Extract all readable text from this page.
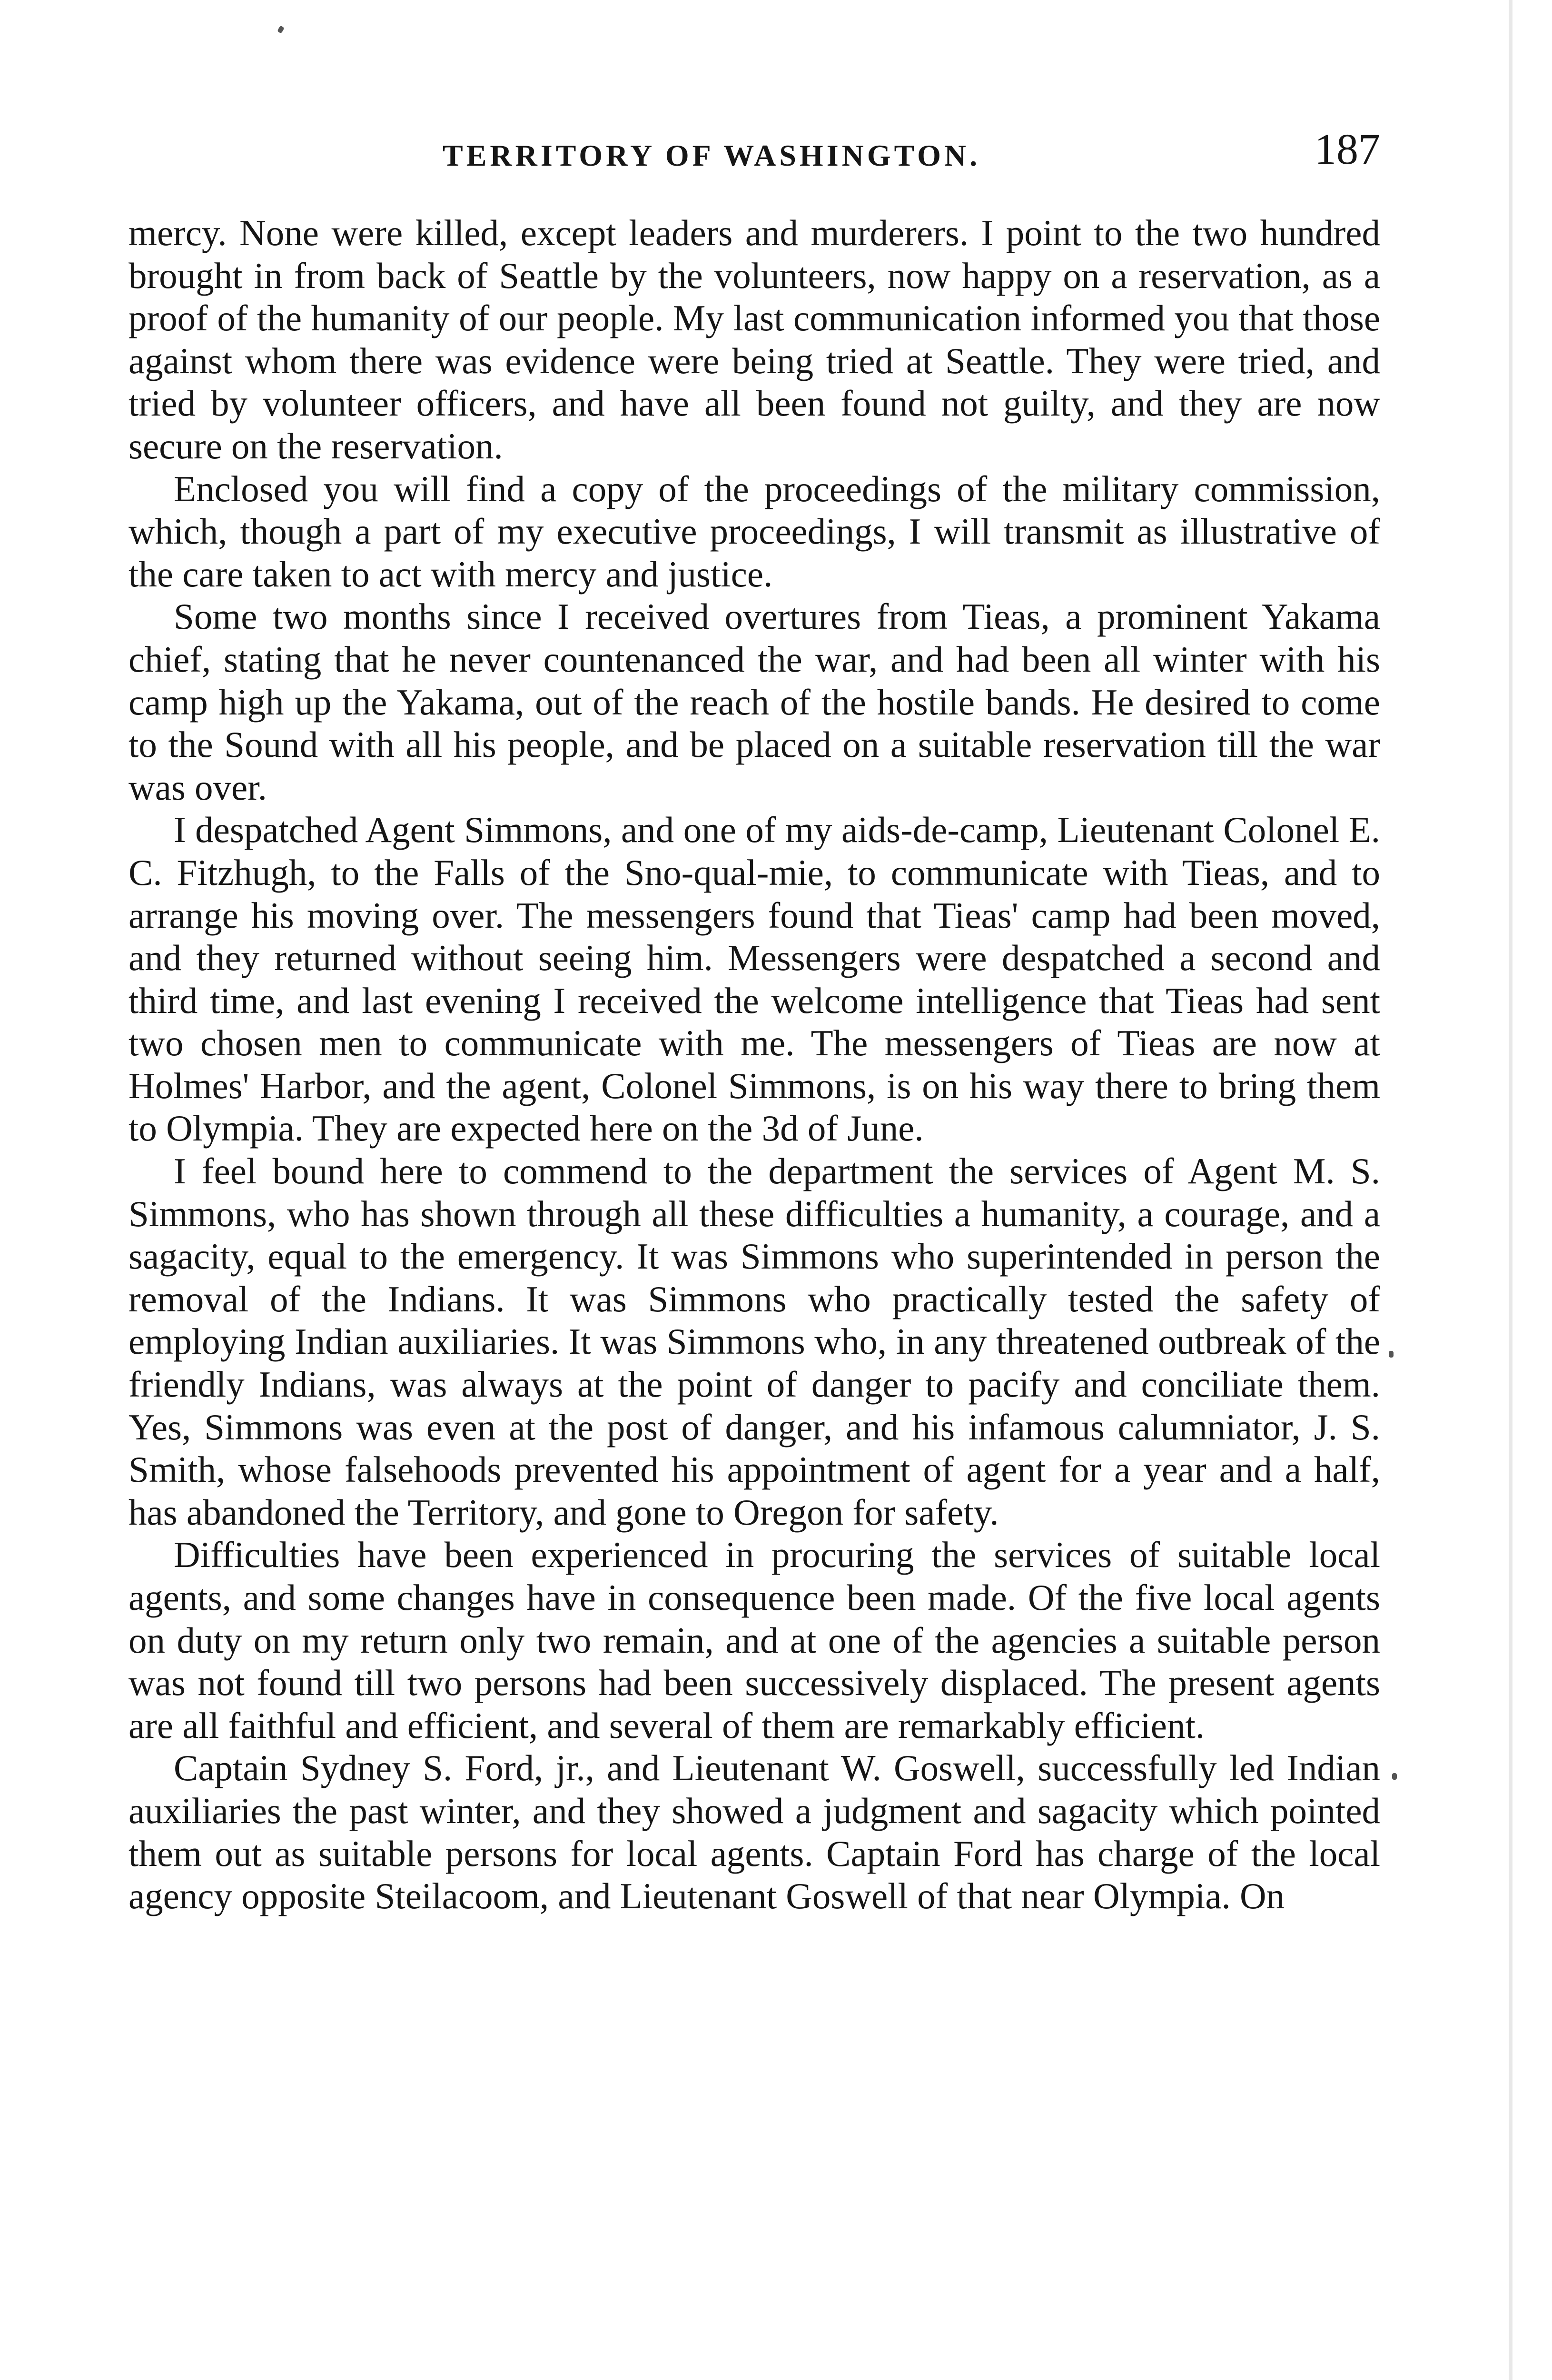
TERRITORY OF WASHINGTON.	187

mercy. None were killed, except leaders and murderers. I point to the two hundred brought in from back of Seattle by the volunteers, now happy on a reservation, as a proof of the humanity of our people. My last communication informed you that those against whom there was evidence were being tried at Seattle. They were tried, and tried by volunteer officers, and have all been found not guilty, and they are now secure on the reservation.

Enclosed you will find a copy of the proceedings of the military commission, which, though a part of my executive proceedings, I will transmit as illustrative of the care taken to act with mercy and justice.

Some two months since I received overtures from Tieas, a prominent Yakama chief, stating that he never countenanced the war, and had been all winter with his camp high up the Yakama, out of the reach of the hostile bands. He desired to come to the Sound with all his people, and be placed on a suitable reservation till the war was over.

I despatched Agent Simmons, and one of my aids-de-camp, Lieutenant Colonel E. C. Fitzhugh, to the Falls of the Sno-qual-mie, to communicate with Tieas, and to arrange his moving over. The messengers found that Tieas' camp had been moved, and they returned without seeing him. Messengers were despatched a second and third time, and last evening I received the welcome intelligence that Tieas had sent two chosen men to communicate with me. The messengers of Tieas are now at Holmes' Harbor, and the agent, Colonel Simmons, is on his way there to bring them to Olympia. They are expected here on the 3d of June.

I feel bound here to commend to the department the services of Agent M. S. Simmons, who has shown through all these difficulties a humanity, a courage, and a sagacity, equal to the emergency. It was Simmons who superintended in person the removal of the Indians. It was Simmons who practically tested the safety of employing Indian auxiliaries. It was Simmons who, in any threatened outbreak of the friendly Indians, was always at the point of danger to pacify and conciliate them. Yes, Simmons was even at the post of danger, and his infamous calumniator, J. S. Smith, whose falsehoods prevented his appointment of agent for a year and a half, has abandoned the Territory, and gone to Oregon for safety.

Difficulties have been experienced in procuring the services of suitable local agents, and some changes have in consequence been made. Of the five local agents on duty on my return only two remain, and at one of the agencies a suitable person was not found till two persons had been successively displaced. The present agents are all faithful and efficient, and several of them are remarkably efficient.

Captain Sydney S. Ford, jr., and Lieutenant W. Goswell, successfully led Indian auxiliaries the past winter, and they showed a judgment and sagacity which pointed them out as suitable persons for local agents. Captain Ford has charge of the local agency opposite Steilacoom, and Lieutenant Goswell of that near Olympia. On
